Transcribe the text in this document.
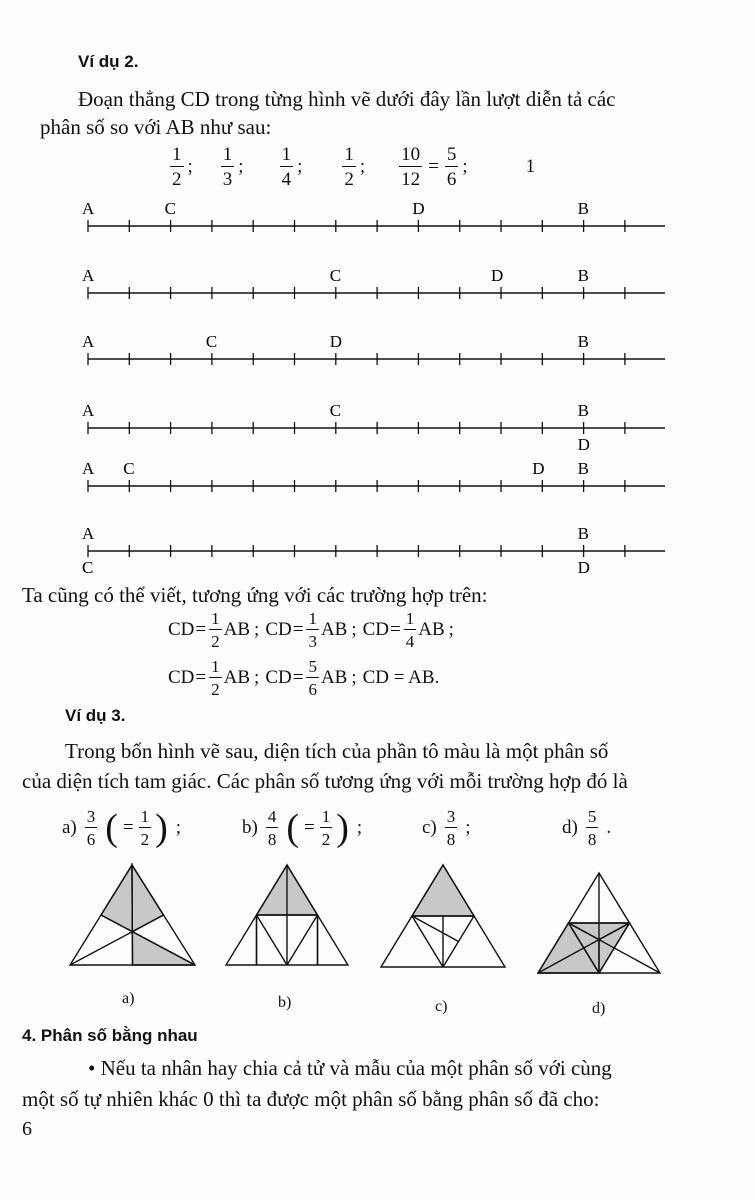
Ví dụ 2.
Đoạn thẳng CD trong từng hình vẽ dưới đây lần lượt diễn tả các
phân số so với AB như sau:
$\frac{1}{2}$ ; $\frac{1}{3}$ ; $\frac{1}{4}$ ; $\frac{1}{2}$ ; $\frac{10}{12} = \frac{5}{6}$ ;	1
A	C	D	B
A	C	D	B
A	C	D	B
A	C	B
D
A C	D B
A	B
C	D
Ta cũng có thể viết, tương ứng với các trường hợp trên:
CD = $\frac{1}{2}$ AB ; CD = $\frac{1}{3}$ AB ; CD = $\frac{1}{4}$ AB ;
CD = $\frac{1}{2}$ AB ; CD = $\frac{5}{6}$ AB ; CD = AB.
Ví dụ 3.
Trong bốn hình vẽ sau, diện tích của phần tô màu là một phân số
của diện tích tam giác. Các phân số tương ứng với mỗi trường hợp đó là
$a) \frac{3}{6}$ ( = $\frac{1}{2}$ ) ;	$b) \frac{4}{8}$ ( = $\frac{1}{2}$ ) ;	$c) \frac{3}{8}$ ;	$d) \frac{5}{8}$ .
a)	b)	c)	d)
4. Phân số bằng nhau
• Nếu ta nhân hay chia cả tử và mẫu của một phân số với cùng
một số tự nhiên khác 0 thì ta được một phân số bằng phân số đã cho:
6
